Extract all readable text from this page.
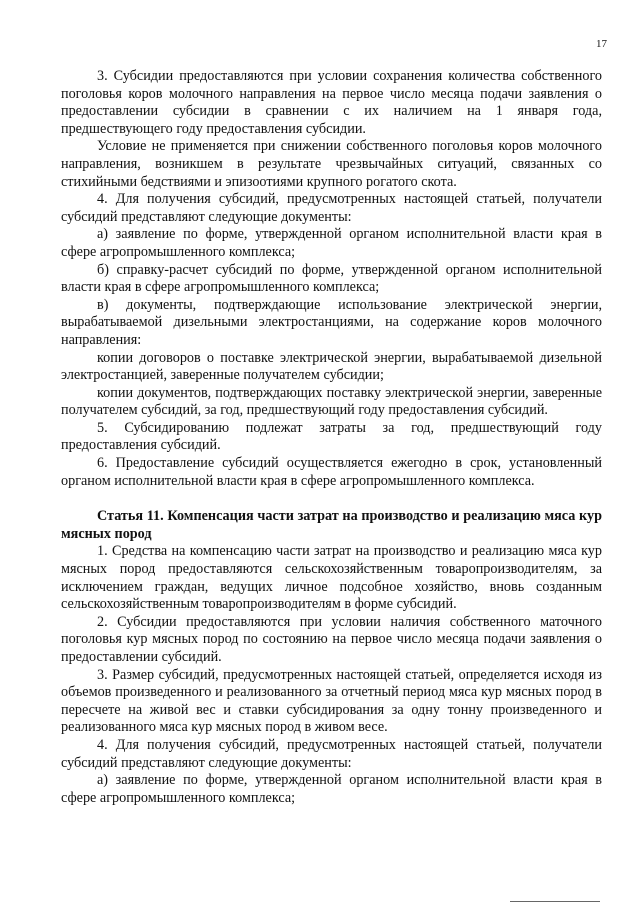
17

3. Субсидии предоставляются при условии сохранения количества собственного поголовья коров молочного направления на первое число месяца подачи заявления о предоставлении субсидии в сравнении с их наличием на 1 января года, предшествующего году предоставления субсидии.

Условие не применяется при снижении собственного поголовья коров молочного направления, возникшем в результате чрезвычайных ситуаций, связанных со стихийными бедствиями и эпизоотиями крупного рогатого скота.

4. Для получения субсидий, предусмотренных настоящей статьей, получатели субсидий представляют следующие документы:

а) заявление по форме, утвержденной органом исполнительной власти края в сфере агропромышленного комплекса;

б) справку-расчет субсидий по форме, утвержденной органом исполнительной власти края в сфере агропромышленного комплекса;

в) документы, подтверждающие использование электрической энергии, вырабатываемой дизельными электростанциями, на содержание коров молочного направления:

копии договоров о поставке электрической энергии, вырабатываемой дизельной электростанцией, заверенные получателем субсидии;

копии документов, подтверждающих поставку электрической энергии, заверенные получателем субсидий, за год, предшествующий году предоставления субсидий.

5. Субсидированию подлежат затраты за год, предшествующий году предоставления субсидий.

6. Предоставление субсидий осуществляется ежегодно в срок, установленный органом исполнительной власти края в сфере агропромышленного комплекса.

Статья 11. Компенсация части затрат на производство и реализацию мяса кур мясных пород

1. Средства на компенсацию части затрат на производство и реализацию мяса кур мясных пород предоставляются сельскохозяйственным товаропроизводителям, за исключением граждан, ведущих личное подсобное хозяйство, вновь созданным сельскохозяйственным товаропроизводителям в форме субсидий.

2. Субсидии предоставляются при условии наличия собственного маточного поголовья кур мясных пород по состоянию на первое число месяца подачи заявления о предоставлении субсидий.

3. Размер субсидий, предусмотренных настоящей статьей, определяется исходя из объемов произведенного и реализованного за отчетный период мяса кур мясных пород в пересчете на живой вес и ставки субсидирования за одну тонну произведенного и реализованного мяса кур мясных пород в живом весе.

4. Для получения субсидий, предусмотренных настоящей статьей, получатели субсидий представляют следующие документы:

а) заявление по форме, утвержденной органом исполнительной власти края в сфере агропромышленного комплекса;
